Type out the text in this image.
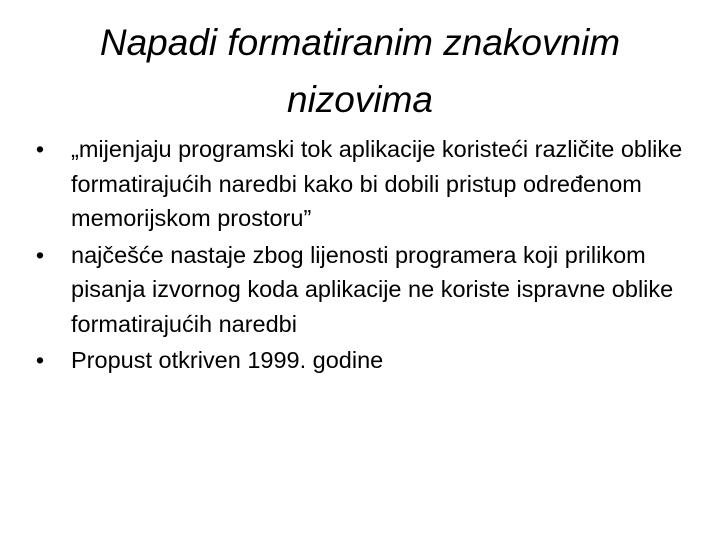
Napadi formatiranim znakovnim
nizovima
• „mijenjaju programski tok aplikacije koristeći različite oblike formatirajućih naredbi kako bi dobili pristup određenom memorijskom prostoru”
• najčešće nastaje zbog lijenosti programera koji prilikom pisanja izvornog koda aplikacije ne koriste ispravne oblike formatirajućih naredbi
• Propust otkriven 1999. godine
